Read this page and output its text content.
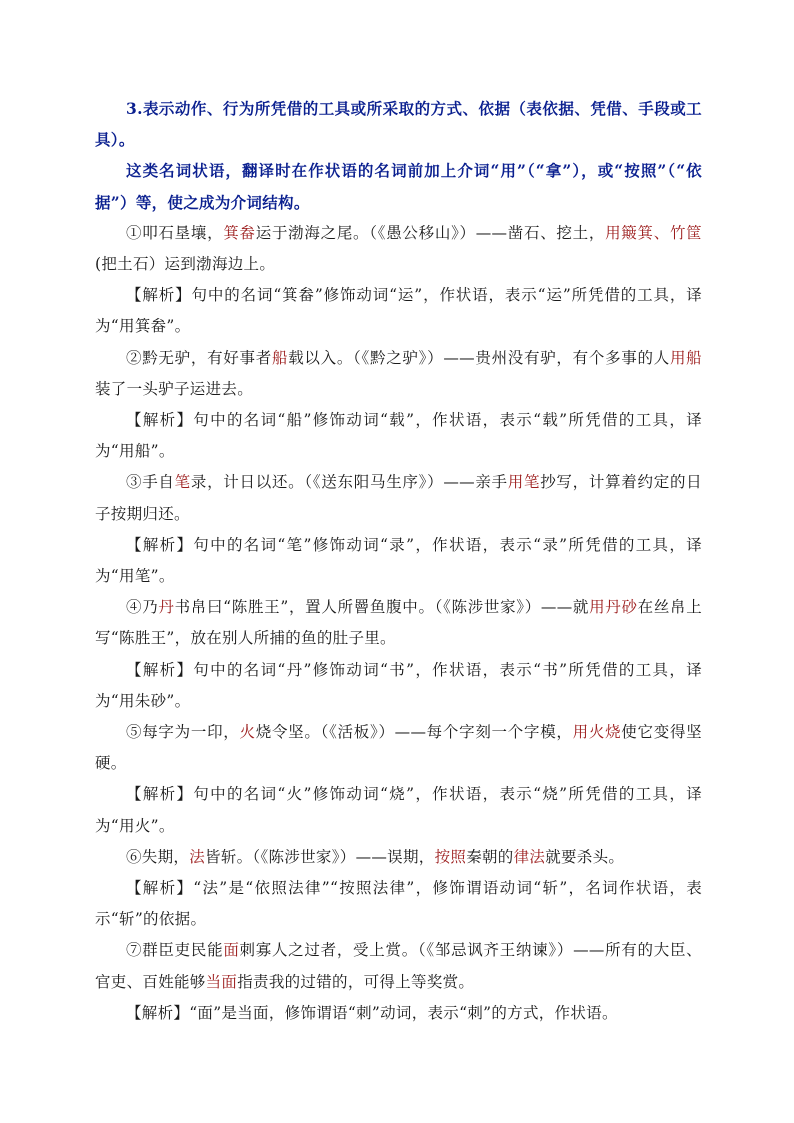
3.表示动作、行为所凭借的工具或所采取的方式、依据（表依据、凭借、手段或工具）。

这类名词状语，翻译时在作状语的名词前加上介词“用”（“拿”），或“按照”（“依据”）等，使之成为介词结构。

①叩石垦壤，箕畚运于渤海之尾。（《愚公移山》）——凿石、挖土，用簸箕、竹筐(把土石）运到渤海边上。

【解析】句中的名词“箕畚”修饰动词“运”，作状语，表示“运”所凭借的工具，译为“用箕畚”。

②黔无驴，有好事者船载以入。（《黔之驴》）——贵州没有驴，有个多事的人用船装了一头驴子运进去。

【解析】句中的名词“船”修饰动词“载”，作状语，表示“载”所凭借的工具，译为“用船”。

③手自笔录，计日以还。（《送东阳马生序》）——亲手用笔抄写，计算着约定的日子按期归还。

【解析】句中的名词“笔”修饰动词“录”，作状语，表示“录”所凭借的工具，译为“用笔”。

④乃丹书帛曰“陈胜王”，置人所罾鱼腹中。（《陈涉世家》）——就用丹砂在丝帛上写“陈胜王”，放在别人所捕的鱼的肚子里。

【解析】句中的名词“丹”修饰动词“书”，作状语，表示“书”所凭借的工具，译为“用朱砂”。

⑤每字为一印，火烧令坚。（《活板》）——每个字刻一个字模，用火烧使它变得坚硬。

【解析】句中的名词“火”修饰动词“烧”，作状语，表示“烧”所凭借的工具，译为“用火”。

⑥失期，法皆斩。（《陈涉世家》）——误期，按照秦朝的律法就要杀头。

【解析】“法”是“依照法律”“按照法律”，修饰谓语动词“斩”，名词作状语，表示“斩”的依据。

⑦群臣吏民能面刺寡人之过者，受上赏。（《邹忌讽齐王纳谏》）——所有的大臣、官吏、百姓能够当面指责我的过错的，可得上等奖赏。

【解析】“面”是当面，修饰谓语“刺”动词，表示“刺”的方式，作状语。
